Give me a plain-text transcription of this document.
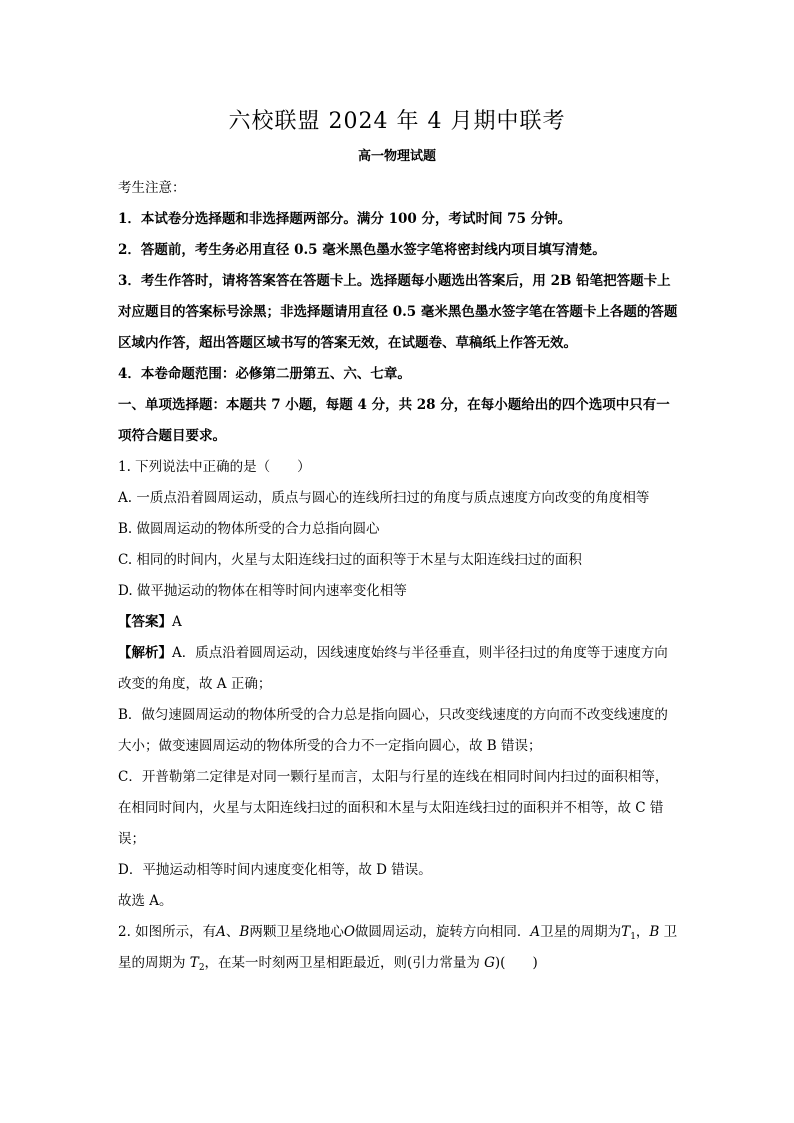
六校联盟 2024 年 4 月期中联考
高一物理试题

考生注意：

1．本试卷分选择题和非选择题两部分。满分 100 分，考试时间 75 分钟。

2．答题前，考生务必用直径 0.5 毫米黑色墨水签字笔将密封线内项目填写清楚。

3．考生作答时，请将答案答在答题卡上。选择题每小题选出答案后，用 2B 铅笔把答题卡上对应题目的答案标号涂黑；非选择题请用直径 0.5 毫米黑色墨水签字笔在答题卡上各题的答题区域内作答，超出答题区域书写的答案无效，在试题卷、草稿纸上作答无效。

4．本卷命题范围：必修第二册第五、六、七章。

一、单项选择题：本题共 7 小题，每题 4 分，共 28 分，在每小题给出的四个选项中只有一项符合题目要求。

1. 下列说法中正确的是（　　）

A. 一质点沿着圆周运动，质点与圆心的连线所扫过的角度与质点速度方向改变的角度相等

B. 做圆周运动的物体所受的合力总指向圆心

C. 相同的时间内，火星与太阳连线扫过的面积等于木星与太阳连线扫过的面积

D. 做平抛运动的物体在相等时间内速率变化相等

【答案】A

【解析】A．质点沿着圆周运动，因线速度始终与半径垂直，则半径扫过的角度等于速度方向改变的角度，故 A 正确；

B．做匀速圆周运动的物体所受的合力总是指向圆心，只改变线速度的方向而不改变线速度的大小；做变速圆周运动的物体所受的合力不一定指向圆心，故 B 错误；

C．开普勒第二定律是对同一颗行星而言，太阳与行星的连线在相同时间内扫过的面积相等，在相同时间内，火星与太阳连线扫过的面积和木星与太阳连线扫过的面积并不相等，故 C 错误；

D．平抛运动相等时间内速度变化相等，故 D 错误。

故选 A。

2. 如图所示，有A、B两颗卫星绕地心O做圆周运动，旋转方向相同．A卫星的周期为$T_1$，B 卫星的周期为 $T_2$，在某一时刻两卫星相距最近，则(引力常量为 G)(　　)
